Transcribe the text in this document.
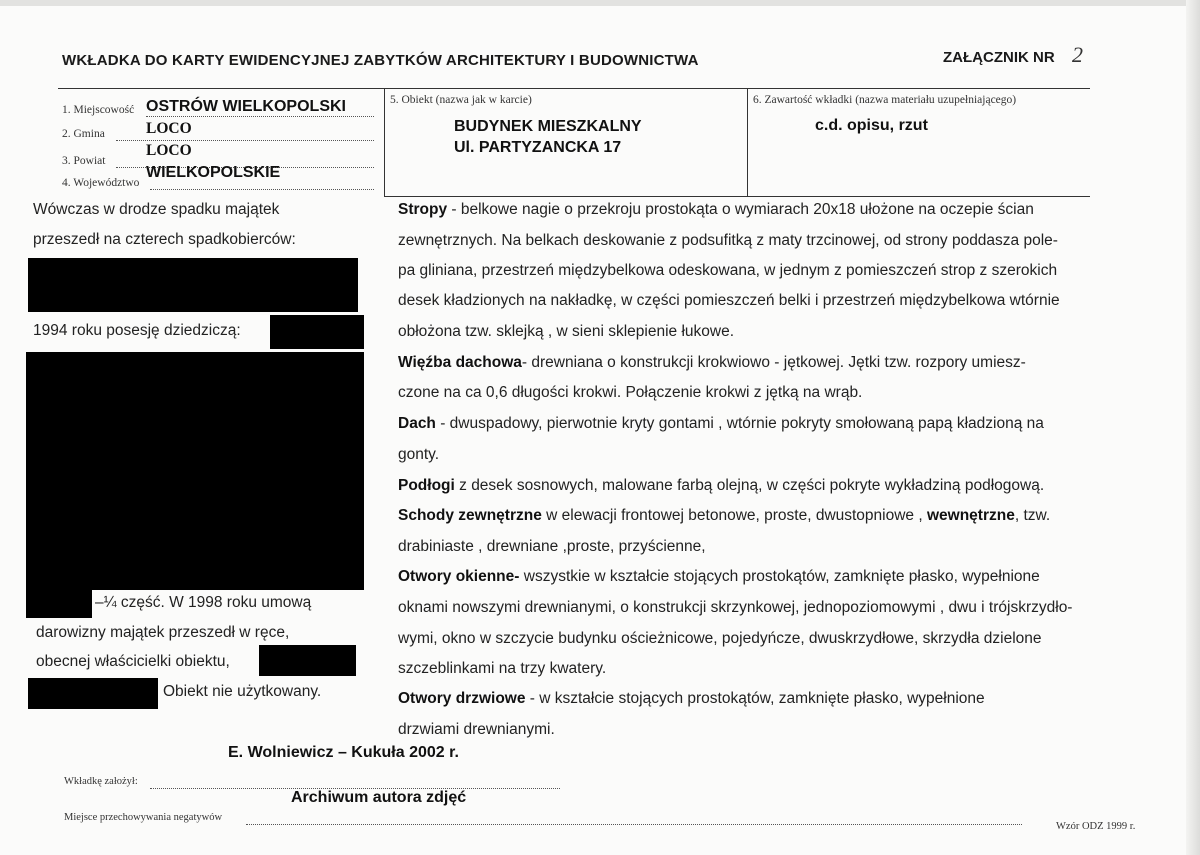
WKŁADKA DO KARTY EWIDENCYJNEJ ZABYTKÓW ARCHITEKTURY I BUDOWNICTWA	ZAŁĄCZNIK NR 2
1. Miejscowość OSTRÓW WIELKOPOLSKI
2. Gmina	LOCO
3. Powiat
LOCO
4. Województwo
WIELKOPOLSKIE
5. Obiekt (nazwa jak w karcie)
BUDYNEK MIESZKALNY
Ul. PARTYZANCKA 17
6. Zawartość wkładki (nazwa materiału uzupełniającego)
c.d. opisu, rzut
Wówczas w drodze spadku majątek
przeszedł na czterech spadkobierców:
1994 roku posesję dziedziczą:
–¼ część. W 1998 roku umową
darowizny majątek przeszedł w ręce,
obecnej właścicielki obiektu,
Obiekt nie użytkowany.
Stropy - belkowe nagie o przekroju prostokąta o wymiarach 20x18 ułożone na oczepie ścian
zewnętrznych. Na belkach deskowanie z podsufitką z maty trzcinowej, od strony poddasza pole-
pa gliniana, przestrzeń międzybelkowa odeskowana, w jednym z pomieszczeń strop z szerokich
desek kładzionych na nakładkę, w części pomieszczeń belki i przestrzeń międzybelkowa wtórnie
obłożona tzw. sklejką , w sieni sklepienie łukowe.
Więźba dachowa- drewniana o konstrukcji krokwiowo - jętkowej. Jętki tzw. rozpory umiesz-
czone na ca 0,6 długości krokwi. Połączenie krokwi z jętką na wrąb.
Dach - dwuspadowy, pierwotnie kryty gontami , wtórnie pokryty smołowaną papą kładzioną na
gonty.
Podłogi z desek sosnowych, malowane farbą olejną, w części pokryte wykładziną podłogową.
Schody zewnętrzne w elewacji frontowej betonowe, proste, dwustopniowe , wewnętrzne, tzw.
drabiniaste , drewniane ,proste, przyścienne,
Otwory okienne- wszystkie w kształcie stojących prostokątów, zamknięte płasko, wypełnione
oknami nowszymi drewnianymi, o konstrukcji skrzynkowej, jednopoziomowymi , dwu i trójskrzydło-
wymi, okno w szczycie budynku ościeżnicowe, pojedyńcze, dwuskrzydłowe, skrzydła dzielone
szczeblinkami na trzy kwatery.
Otwory drzwiowe - w kształcie stojących prostokątów, zamknięte płasko, wypełnione
drzwiami drewnianymi.
E. Wolniewicz – Kukuła 2002 r.
Wkładkę założył:
Archiwum autora zdjęć
Miejsce przechowywania negatywów
Wzór ODZ 1999 r.
